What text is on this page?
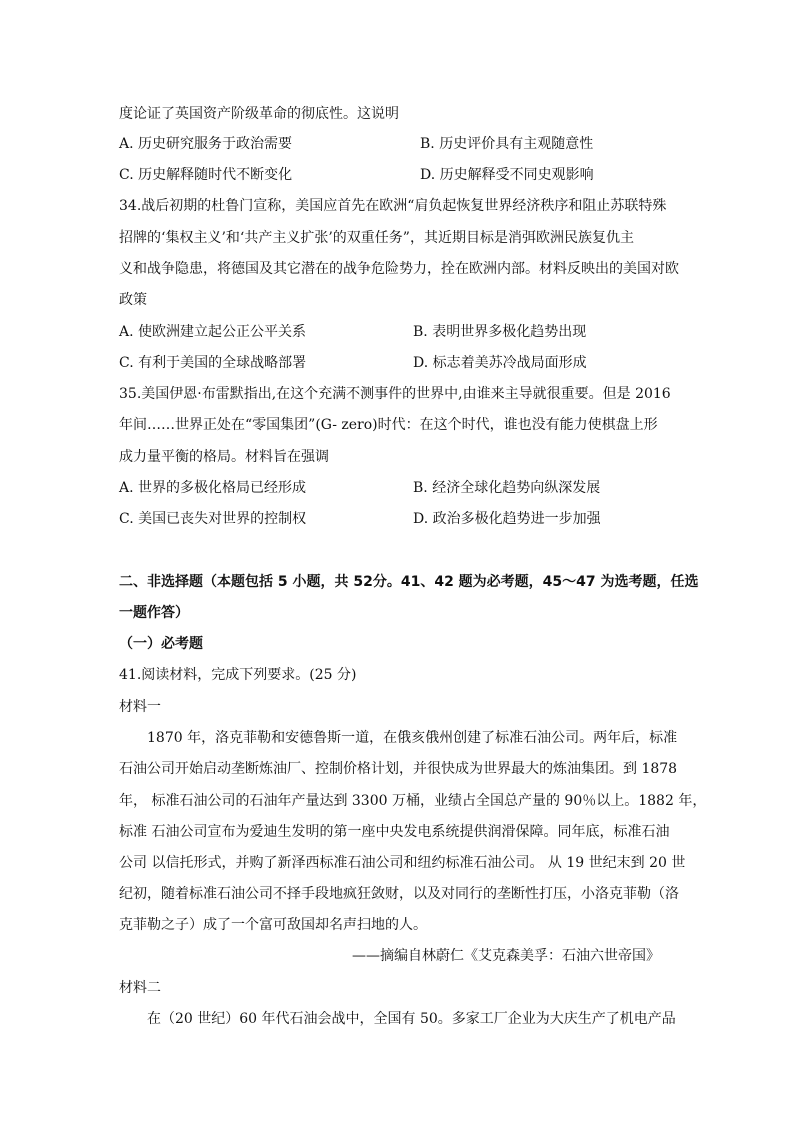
度论证了英国资产阶级革命的彻底性。这说明
A. 历史研究服务于政治需要	B. 历史评价具有主观随意性
C. 历史解释随时代不断变化	D. 历史解释受不同史观影响
34.战后初期的杜鲁门宣称，美国应首先在欧洲“肩负起恢复世界经济秩序和阻止苏联特殊
招牌的‘集权主义’和‘共产主义扩张’的双重任务”，其近期目标是消弭欧洲民族复仇主
义和战争隐患，将德国及其它潜在的战争危险势力，拴在欧洲内部。材料反映出的美国对欧
政策
A. 使欧洲建立起公正公平关系	B. 表明世界多极化趋势出现
C. 有利于美国的全球战略部署	D. 标志着美苏冷战局面形成
35.美国伊恩·布雷默指出,在这个充满不测事件的世界中,由谁来主导就很重要。但是 2016
年间……世界正处在“零国集团”(G- zero)时代：在这个时代，谁也没有能力使棋盘上形
成力量平衡的格局。材料旨在强调
A. 世界的多极化格局已经形成	B. 经济全球化趋势向纵深发展
C. 美国已丧失对世界的控制权	D. 政治多极化趋势进一步加强
二、非选择题（本题包括 5 小题，共 52分。41、42 题为必考题，45～47 为选考题，任选
一题作答）
（一）必考题
41.阅读材料，完成下列要求。(25 分)
材料一
1870 年，洛克菲勒和安德鲁斯一道，在俄亥俄州创建了标准石油公司。两年后，标准
石油公司开始启动垄断炼油厂、控制价格计划，并很快成为世界最大的炼油集团。到 1878
年， 标准石油公司的石油年产量达到 3300 万桶，业绩占全国总产量的 90％以上。1882 年，
标准 石油公司宣布为爱迪生发明的第一座中央发电系统提供润滑保障。同年底，标准石油
公司 以信托形式，并购了新泽西标准石油公司和纽约标准石油公司。 从 19 世纪末到 20 世
纪初，随着标准石油公司不择手段地疯狂敛财，以及对同行的垄断性打压，小洛克菲勒（洛
克菲勒之子）成了一个富可敌国却名声扫地的人。
——摘编自林蔚仁《艾克森美孚：石油六世帝国》
材料二
在（20 世纪）60 年代石油会战中，全国有 50。多家工厂企业为大庆生产了机电产品
